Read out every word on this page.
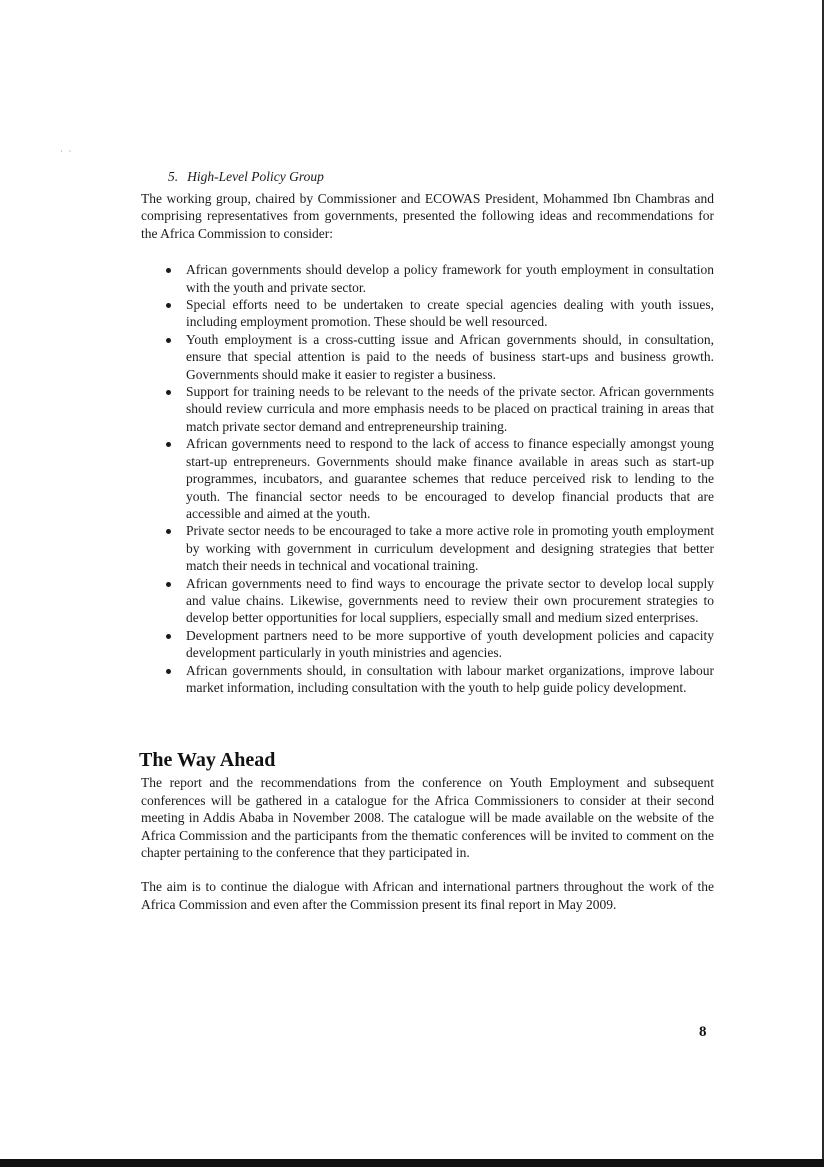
· ·
5. High-Level Policy Group

The working group, chaired by Commissioner and ECOWAS President, Mohammed Ibn Chambras and comprising representatives from governments, presented the following ideas and recommendations for the Africa Commission to consider:

African governments should develop a policy framework for youth employment in consultation with the youth and private sector.
Special efforts need to be undertaken to create special agencies dealing with youth issues, including employment promotion. These should be well resourced.
Youth employment is a cross-cutting issue and African governments should, in consultation, ensure that special attention is paid to the needs of business start-ups and business growth. Governments should make it easier to register a business.
Support for training needs to be relevant to the needs of the private sector. African governments should review curricula and more emphasis needs to be placed on practical training in areas that match private sector demand and entrepreneurship training.
African governments need to respond to the lack of access to finance especially amongst young start-up entrepreneurs. Governments should make finance available in areas such as start-up programmes, incubators, and guarantee schemes that reduce perceived risk to lending to the youth. The financial sector needs to be encouraged to develop financial products that are accessible and aimed at the youth.
Private sector needs to be encouraged to take a more active role in promoting youth employment by working with government in curriculum development and designing strategies that better match their needs in technical and vocational training.
African governments need to find ways to encourage the private sector to develop local supply and value chains. Likewise, governments need to review their own procurement strategies to develop better opportunities for local suppliers, especially small and medium sized enterprises.
Development partners need to be more supportive of youth development policies and capacity development particularly in youth ministries and agencies.
African governments should, in consultation with labour market organizations, improve labour market information, including consultation with the youth to help guide policy development.
The Way Ahead

The report and the recommendations from the conference on Youth Employment and subsequent conferences will be gathered in a catalogue for the Africa Commissioners to consider at their second meeting in Addis Ababa in November 2008. The catalogue will be made available on the website of the Africa Commission and the participants from the thematic conferences will be invited to comment on the chapter pertaining to the conference that they participated in.

The aim is to continue the dialogue with African and international partners throughout the work of the Africa Commission and even after the Commission present its final report in May 2009.

8
